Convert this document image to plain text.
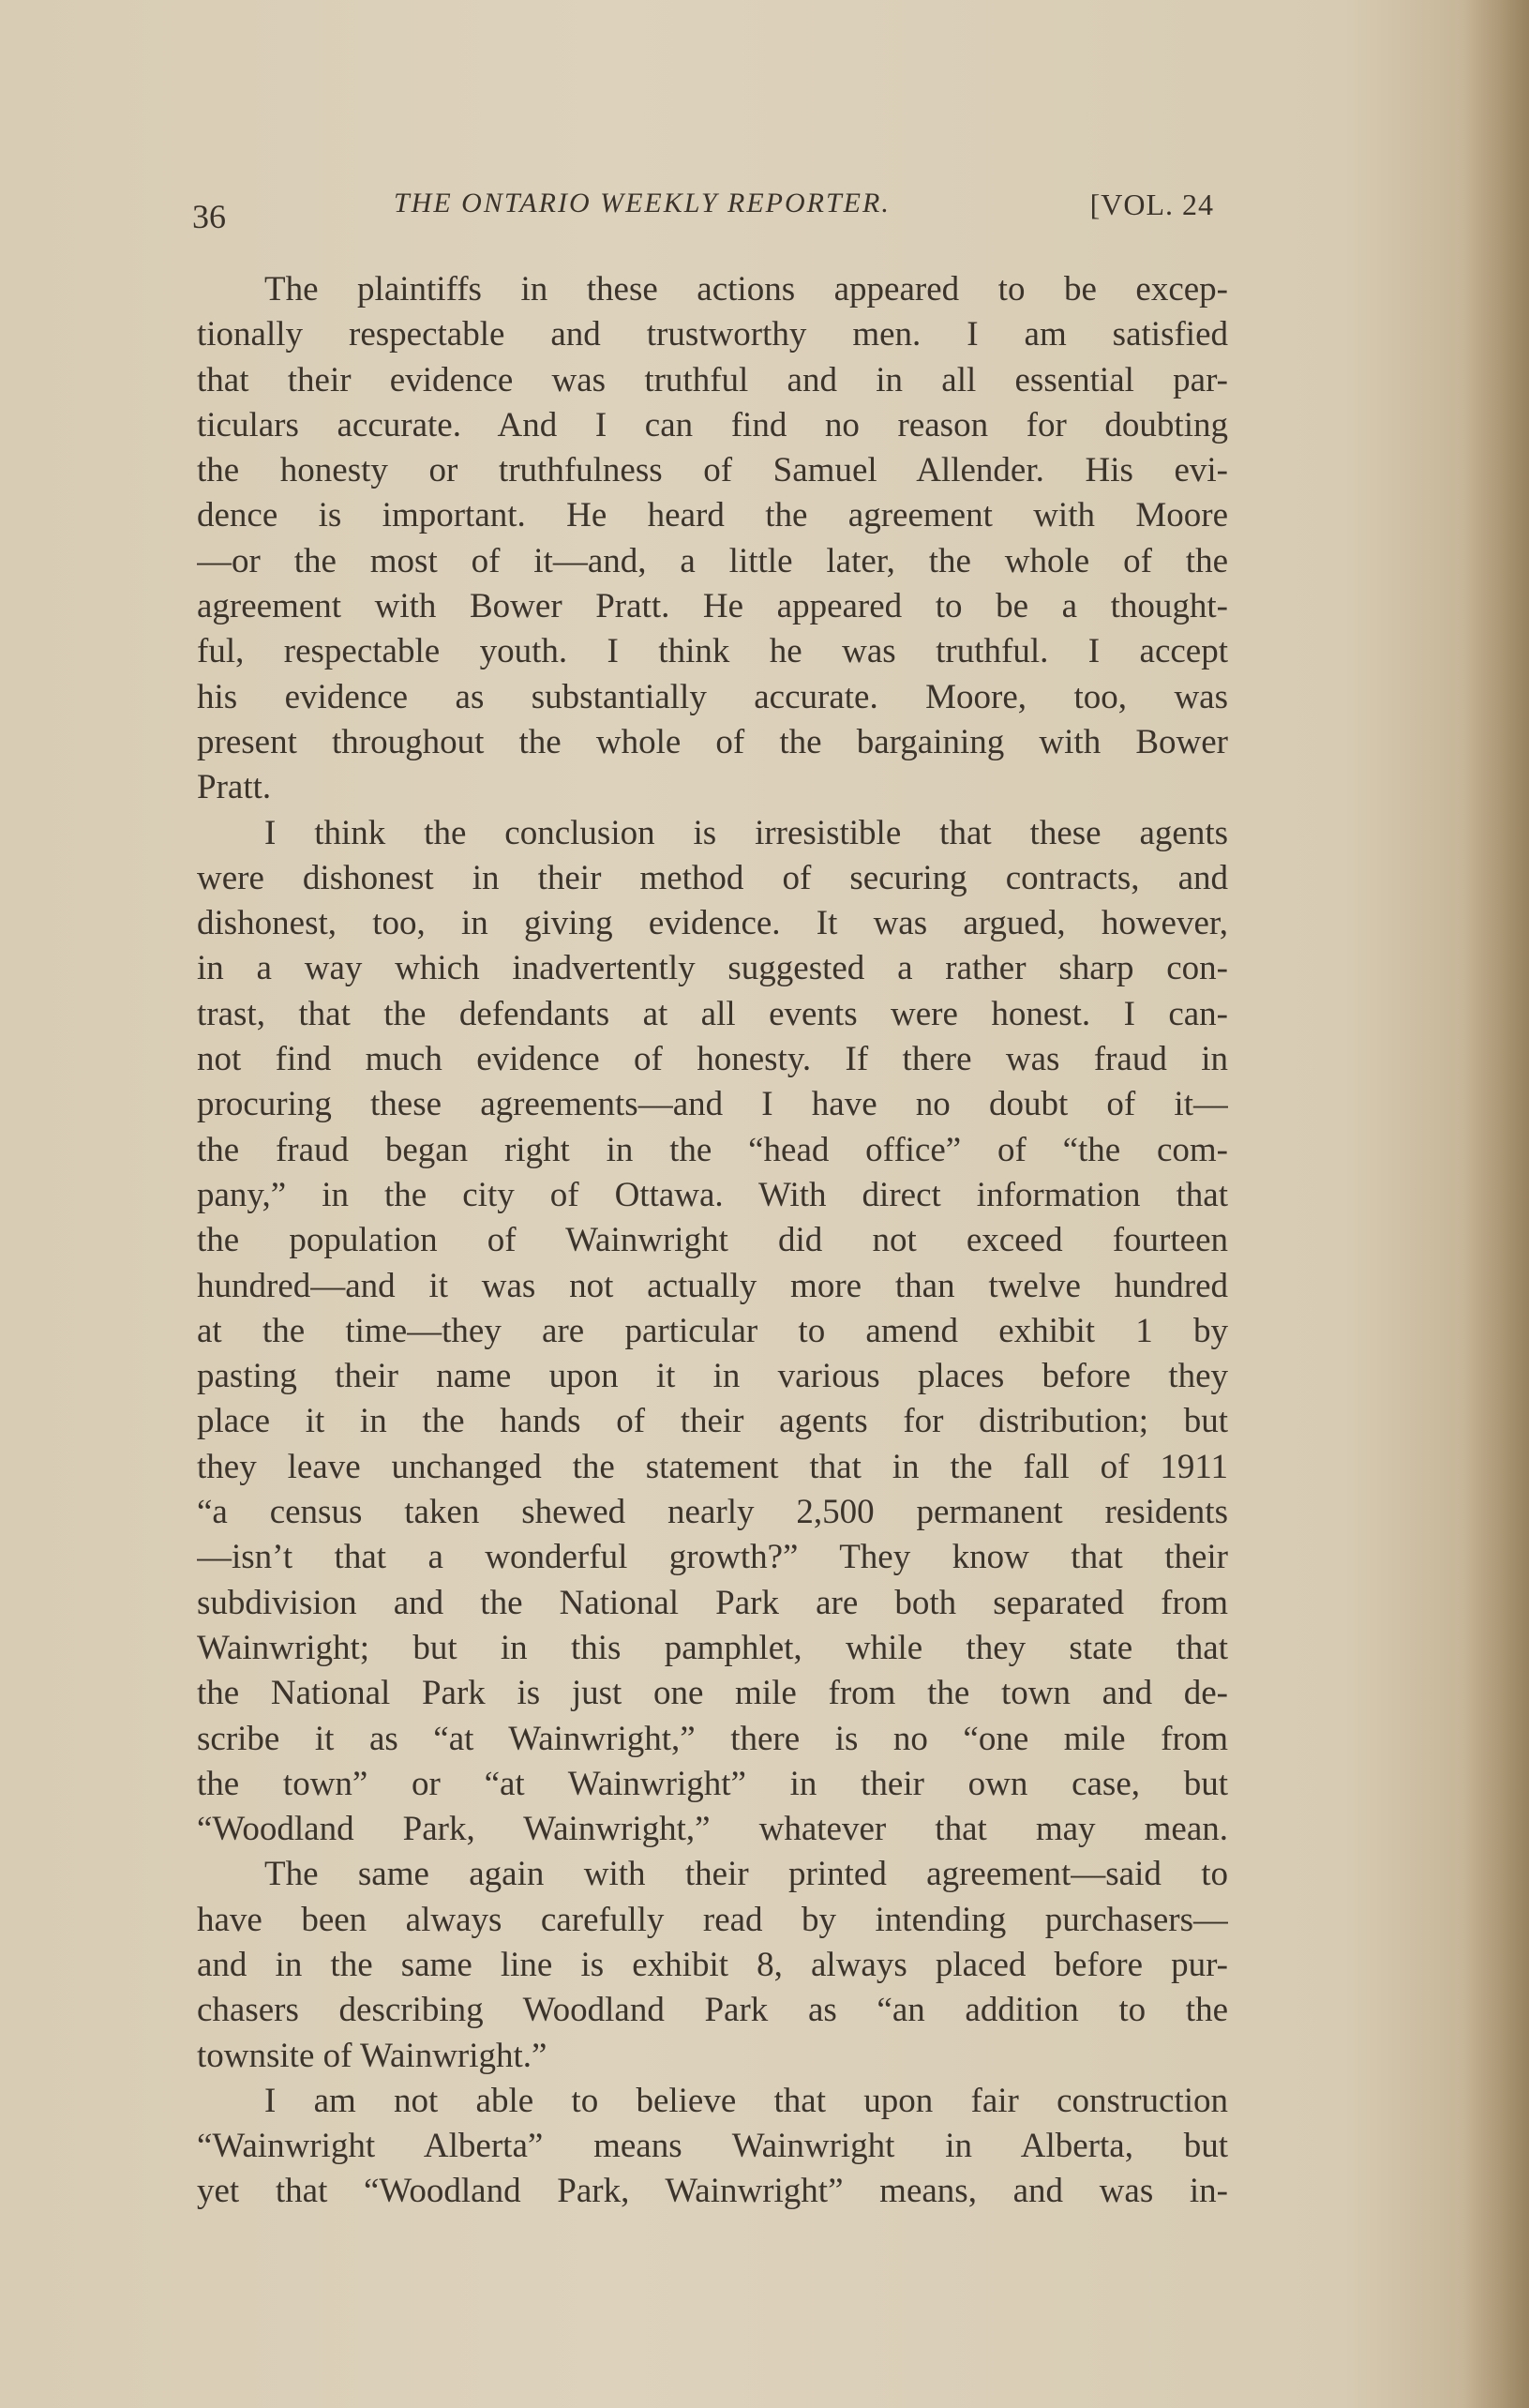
36	THE ONTARIO WEEKLY REPORTER.	[VOL. 24
The plaintiffs in these actions appeared to be excep-
tionally respectable and trustworthy men. I am satisfied
that their evidence was truthful and in all essential par-
ticulars accurate. And I can find no reason for doubting
the honesty or truthfulness of Samuel Allender. His evi-
dence is important. He heard the agreement with Moore
—or the most of it—and, a little later, the whole of the
agreement with Bower Pratt. He appeared to be a thought-
ful, respectable youth. I think he was truthful. I accept
his evidence as substantially accurate. Moore, too, was
present throughout the whole of the bargaining with Bower
Pratt.
I think the conclusion is irresistible that these agents
were dishonest in their method of securing contracts, and
dishonest, too, in giving evidence. It was argued, however,
in a way which inadvertently suggested a rather sharp con-
trast, that the defendants at all events were honest. I can-
not find much evidence of honesty. If there was fraud in
procuring these agreements—and I have no doubt of it—
the fraud began right in the “head office” of “the com-
pany,” in the city of Ottawa. With direct information that
the population of Wainwright did not exceed fourteen
hundred—and it was not actually more than twelve hundred
at the time—they are particular to amend exhibit 1 by
pasting their name upon it in various places before they
place it in the hands of their agents for distribution; but
they leave unchanged the statement that in the fall of 1911
“a census taken shewed nearly 2,500 permanent residents
—isn’t that a wonderful growth?” They know that their
subdivision and the National Park are both separated from
Wainwright; but in this pamphlet, while they state that
the National Park is just one mile from the town and de-
scribe it as “at Wainwright,” there is no “one mile from
the town” or “at Wainwright” in their own case, but
“Woodland Park, Wainwright,” whatever that may mean.
The same again with their printed agreement—said to
have been always carefully read by intending purchasers—
and in the same line is exhibit 8, always placed before pur-
chasers describing Woodland Park as “an addition to the
townsite of Wainwright.”
I am not able to believe that upon fair construction
“Wainwright Alberta” means Wainwright in Alberta, but
yet that “Woodland Park, Wainwright” means, and was in-
